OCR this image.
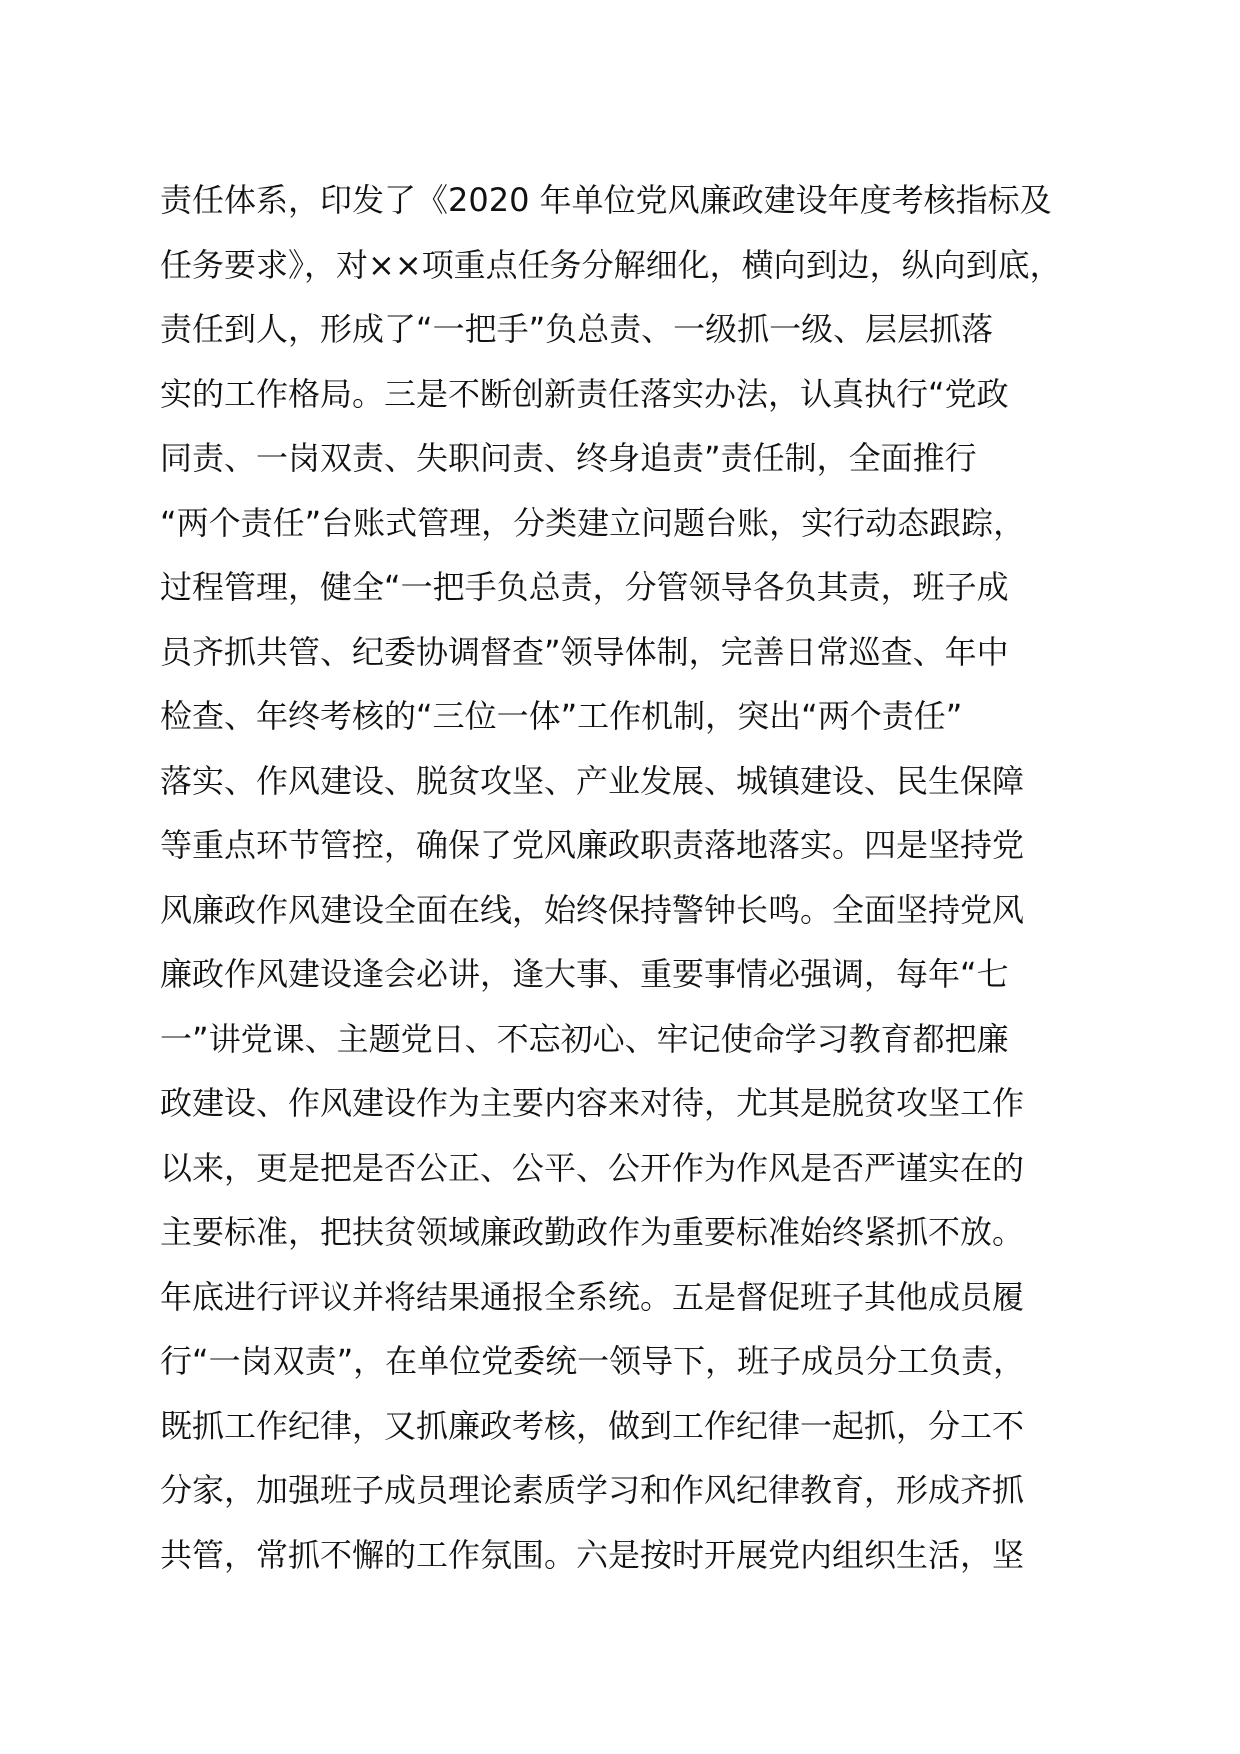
责任体系，印发了《2020 年单位党风廉政建设年度考核指标及
任务要求》，对××项重点任务分解细化，横向到边，纵向到底，
责任到人，形成了“一把手”负总责、一级抓一级、层层抓落
实的工作格局。三是不断创新责任落实办法，认真执行“党政
同责、一岗双责、失职问责、终身追责”责任制，全面推行
“两个责任”台账式管理，分类建立问题台账，实行动态跟踪，
过程管理，健全“一把手负总责，分管领导各负其责，班子成
员齐抓共管、纪委协调督查”领导体制，完善日常巡查、年中
检查、年终考核的“三位一体”工作机制，突出“两个责任”
落实、作风建设、脱贫攻坚、产业发展、城镇建设、民生保障
等重点环节管控，确保了党风廉政职责落地落实。四是坚持党
风廉政作风建设全面在线，始终保持警钟长鸣。全面坚持党风
廉政作风建设逢会必讲，逢大事、重要事情必强调，每年“七
一”讲党课、主题党日、不忘初心、牢记使命学习教育都把廉
政建设、作风建设作为主要内容来对待，尤其是脱贫攻坚工作
以来，更是把是否公正、公平、公开作为作风是否严谨实在的
主要标准，把扶贫领域廉政勤政作为重要标准始终紧抓不放。
年底进行评议并将结果通报全系统。五是督促班子其他成员履
行“一岗双责”，在单位党委统一领导下，班子成员分工负责，
既抓工作纪律，又抓廉政考核，做到工作纪律一起抓，分工不
分家，加强班子成员理论素质学习和作风纪律教育，形成齐抓
共管，常抓不懈的工作氛围。六是按时开展党内组织生活，坚
